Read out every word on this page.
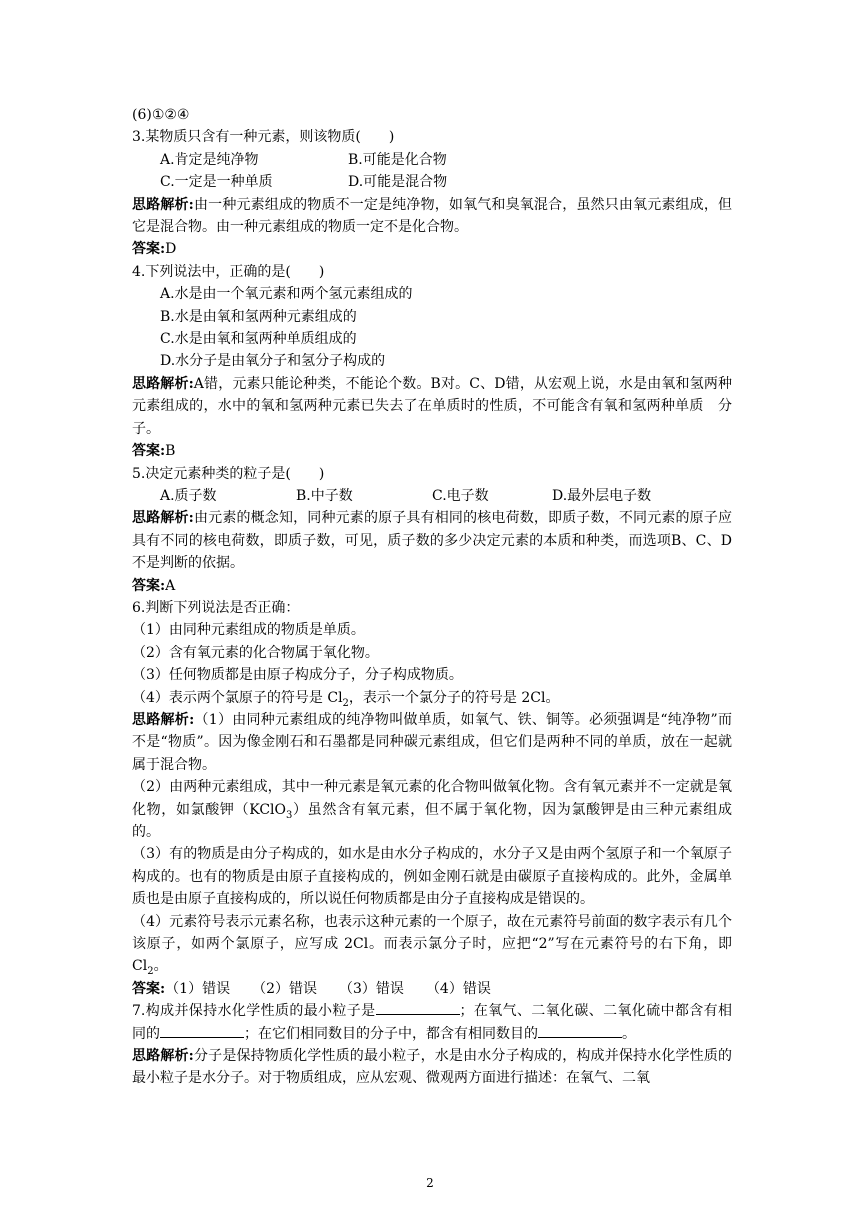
(6)①②④
3.某物质只含有一种元素，则该物质(　　)
A.肯定是纯净物	B.可能是化合物
C.一定是一种单质	D.可能是混合物
思路解析:由一种元素组成的物质不一定是纯净物，如氧气和臭氧混合，虽然只由氧元素组成，但它是混合物。由一种元素组成的物质一定不是化合物。
答案:D
4.下列说法中，正确的是(　　)
A.水是由一个氧元素和两个氢元素组成的
B.水是由氧和氢两种元素组成的
C.水是由氧和氢两种单质组成的
D.水分子是由氧分子和氢分子构成的
思路解析:A错，元素只能论种类，不能论个数。B对。C、D错，从宏观上说，水是由氧和氢两种元素组成的，水中的氧和氢两种元素已失去了在单质时的性质，不可能含有氧和氢两种单质　分子。
答案:B
5.决定元素种类的粒子是(　　)
A.质子数	B.中子数	C.电子数	D.最外层电子数
思路解析:由元素的概念知，同种元素的原子具有相同的核电荷数，即质子数，不同元素的原子应具有不同的核电荷数，即质子数，可见，质子数的多少决定元素的本质和种类，而选项B、C、D不是判断的依据。
答案:A
6.判断下列说法是否正确：
（1）由同种元素组成的物质是单质。
（2）含有氧元素的化合物属于氧化物。
（3）任何物质都是由原子构成分子，分子构成物质。
（4）表示两个氯原子的符号是 $Cl_2$，表示一个氯分子的符号是 2Cl。
思路解析:（1）由同种元素组成的纯净物叫做单质，如氧气、铁、铜等。必须强调是“纯净物”而不是“物质”。因为像金刚石和石墨都是同种碳元素组成，但它们是两种不同的单质，放在一起就属于混合物。
（2）由两种元素组成，其中一种元素是氧元素的化合物叫做氧化物。含有氧元素并不一定就是氧化物，如氯酸钾（KClO$_3$）虽然含有氧元素，但不属于氧化物，因为氯酸钾是由三种元素组成的。
（3）有的物质是由分子构成的，如水是由水分子构成的，水分子又是由两个氢原子和一个氧原子构成的。也有的物质是由原子直接构成的，例如金刚石就是由碳原子直接构成的。此外，金属单质也是由原子直接构成的，所以说任何物质都是由分子直接构成是错误的。
（4）元素符号表示元素名称，也表示这种元素的一个原子，故在元素符号前面的数字表示有几个该原子，如两个氯原子，应写成 2Cl。而表示氯分子时，应把“2”写在元素符号的右下角，即 $Cl_2$。
答案:（1）错误 （2）错误 （3）错误 （4）错误
7.构成并保持水化学性质的最小粒子是	；在氧气、二氧化碳、二氧化硫中都含有相同的	；在它们相同数目的分子中，都含有相同数目的	。
思路解析:分子是保持物质化学性质的最小粒子，水是由水分子构成的，构成并保持水化学性质的最小粒子是水分子。对于物质组成，应从宏观、微观两方面进行描述：在氧气、二氧
2
